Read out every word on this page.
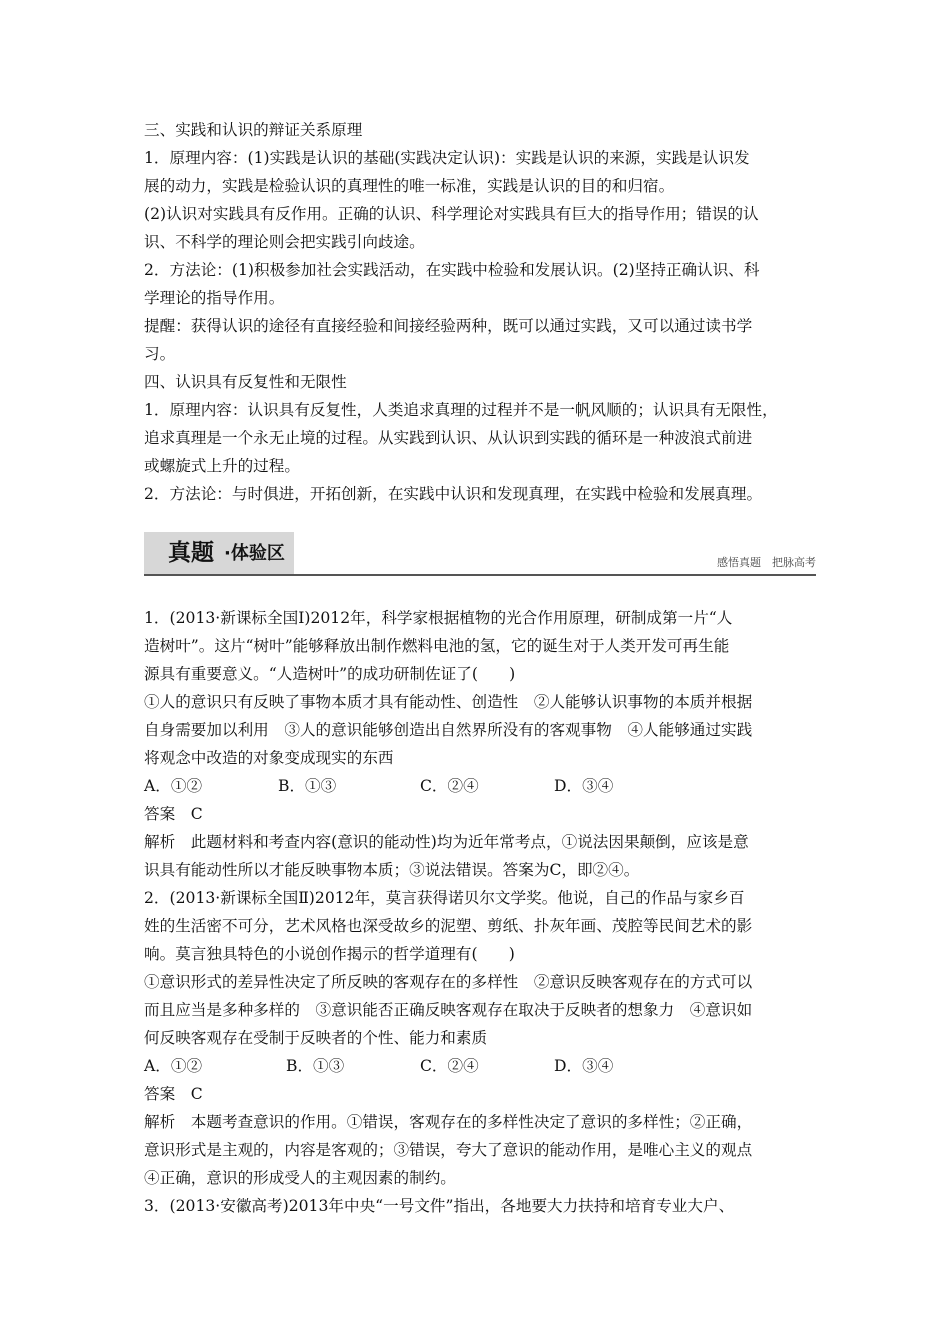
三、实践和认识的辩证关系原理
1．原理内容：(1)实践是认识的基础(实践决定认识)：实践是认识的来源，实践是认识发
展的动力，实践是检验认识的真理性的唯一标准，实践是认识的目的和归宿。
(2)认识对实践具有反作用。正确的认识、科学理论对实践具有巨大的指导作用；错误的认
识、不科学的理论则会把实践引向歧途。
2．方法论：(1)积极参加社会实践活动，在实践中检验和发展认识。(2)坚持正确认识、科
学理论的指导作用。
提醒：获得认识的途径有直接经验和间接经验两种，既可以通过实践，又可以通过读书学
习。
四、认识具有反复性和无限性
1．原理内容：认识具有反复性，人类追求真理的过程并不是一帆风顺的；认识具有无限性，
追求真理是一个永无止境的过程。从实践到认识、从认识到实践的循环是一种波浪式前进
或螺旋式上升的过程。
2．方法论：与时俱进，开拓创新，在实践中认识和发现真理，在实践中检验和发展真理。
真题 ·体验区	感悟真题　把脉高考
1．(2013·新课标全国Ⅰ)2012年，科学家根据植物的光合作用原理，研制成第一片“人
造树叶”。这片“树叶”能够释放出制作燃料电池的氢，它的诞生对于人类开发可再生能
源具有重要意义。“人造树叶”的成功研制佐证了(　　)
①人的意识只有反映了事物本质才具有能动性、创造性　②人能够认识事物的本质并根据
自身需要加以利用　③人的意识能够创造出自然界所没有的客观事物　④人能够通过实践
将观念中改造的对象变成现实的东西
A．①②	B．①③	C．②④	D．③④
答案　C
解析　此题材料和考查内容(意识的能动性)均为近年常考点，①说法因果颠倒，应该是意
识具有能动性所以才能反映事物本质；③说法错误。答案为C，即②④。
2．(2013·新课标全国Ⅱ)2012年，莫言获得诺贝尔文学奖。他说，自己的作品与家乡百
姓的生活密不可分，艺术风格也深受故乡的泥塑、剪纸、扑灰年画、茂腔等民间艺术的影
响。莫言独具特色的小说创作揭示的哲学道理有(　　)
①意识形式的差异性决定了所反映的客观存在的多样性　②意识反映客观存在的方式可以
而且应当是多种多样的　③意识能否正确反映客观存在取决于反映者的想象力　④意识如
何反映客观存在受制于反映者的个性、能力和素质
A．①②	B．①③	C．②④	D．③④
答案　C
解析　本题考查意识的作用。①错误，客观存在的多样性决定了意识的多样性；②正确，
意识形式是主观的，内容是客观的；③错误，夸大了意识的能动作用，是唯心主义的观点
④正确，意识的形成受人的主观因素的制约。
3．(2013·安徽高考)2013年中央“一号文件”指出，各地要大力扶持和培育专业大户、
